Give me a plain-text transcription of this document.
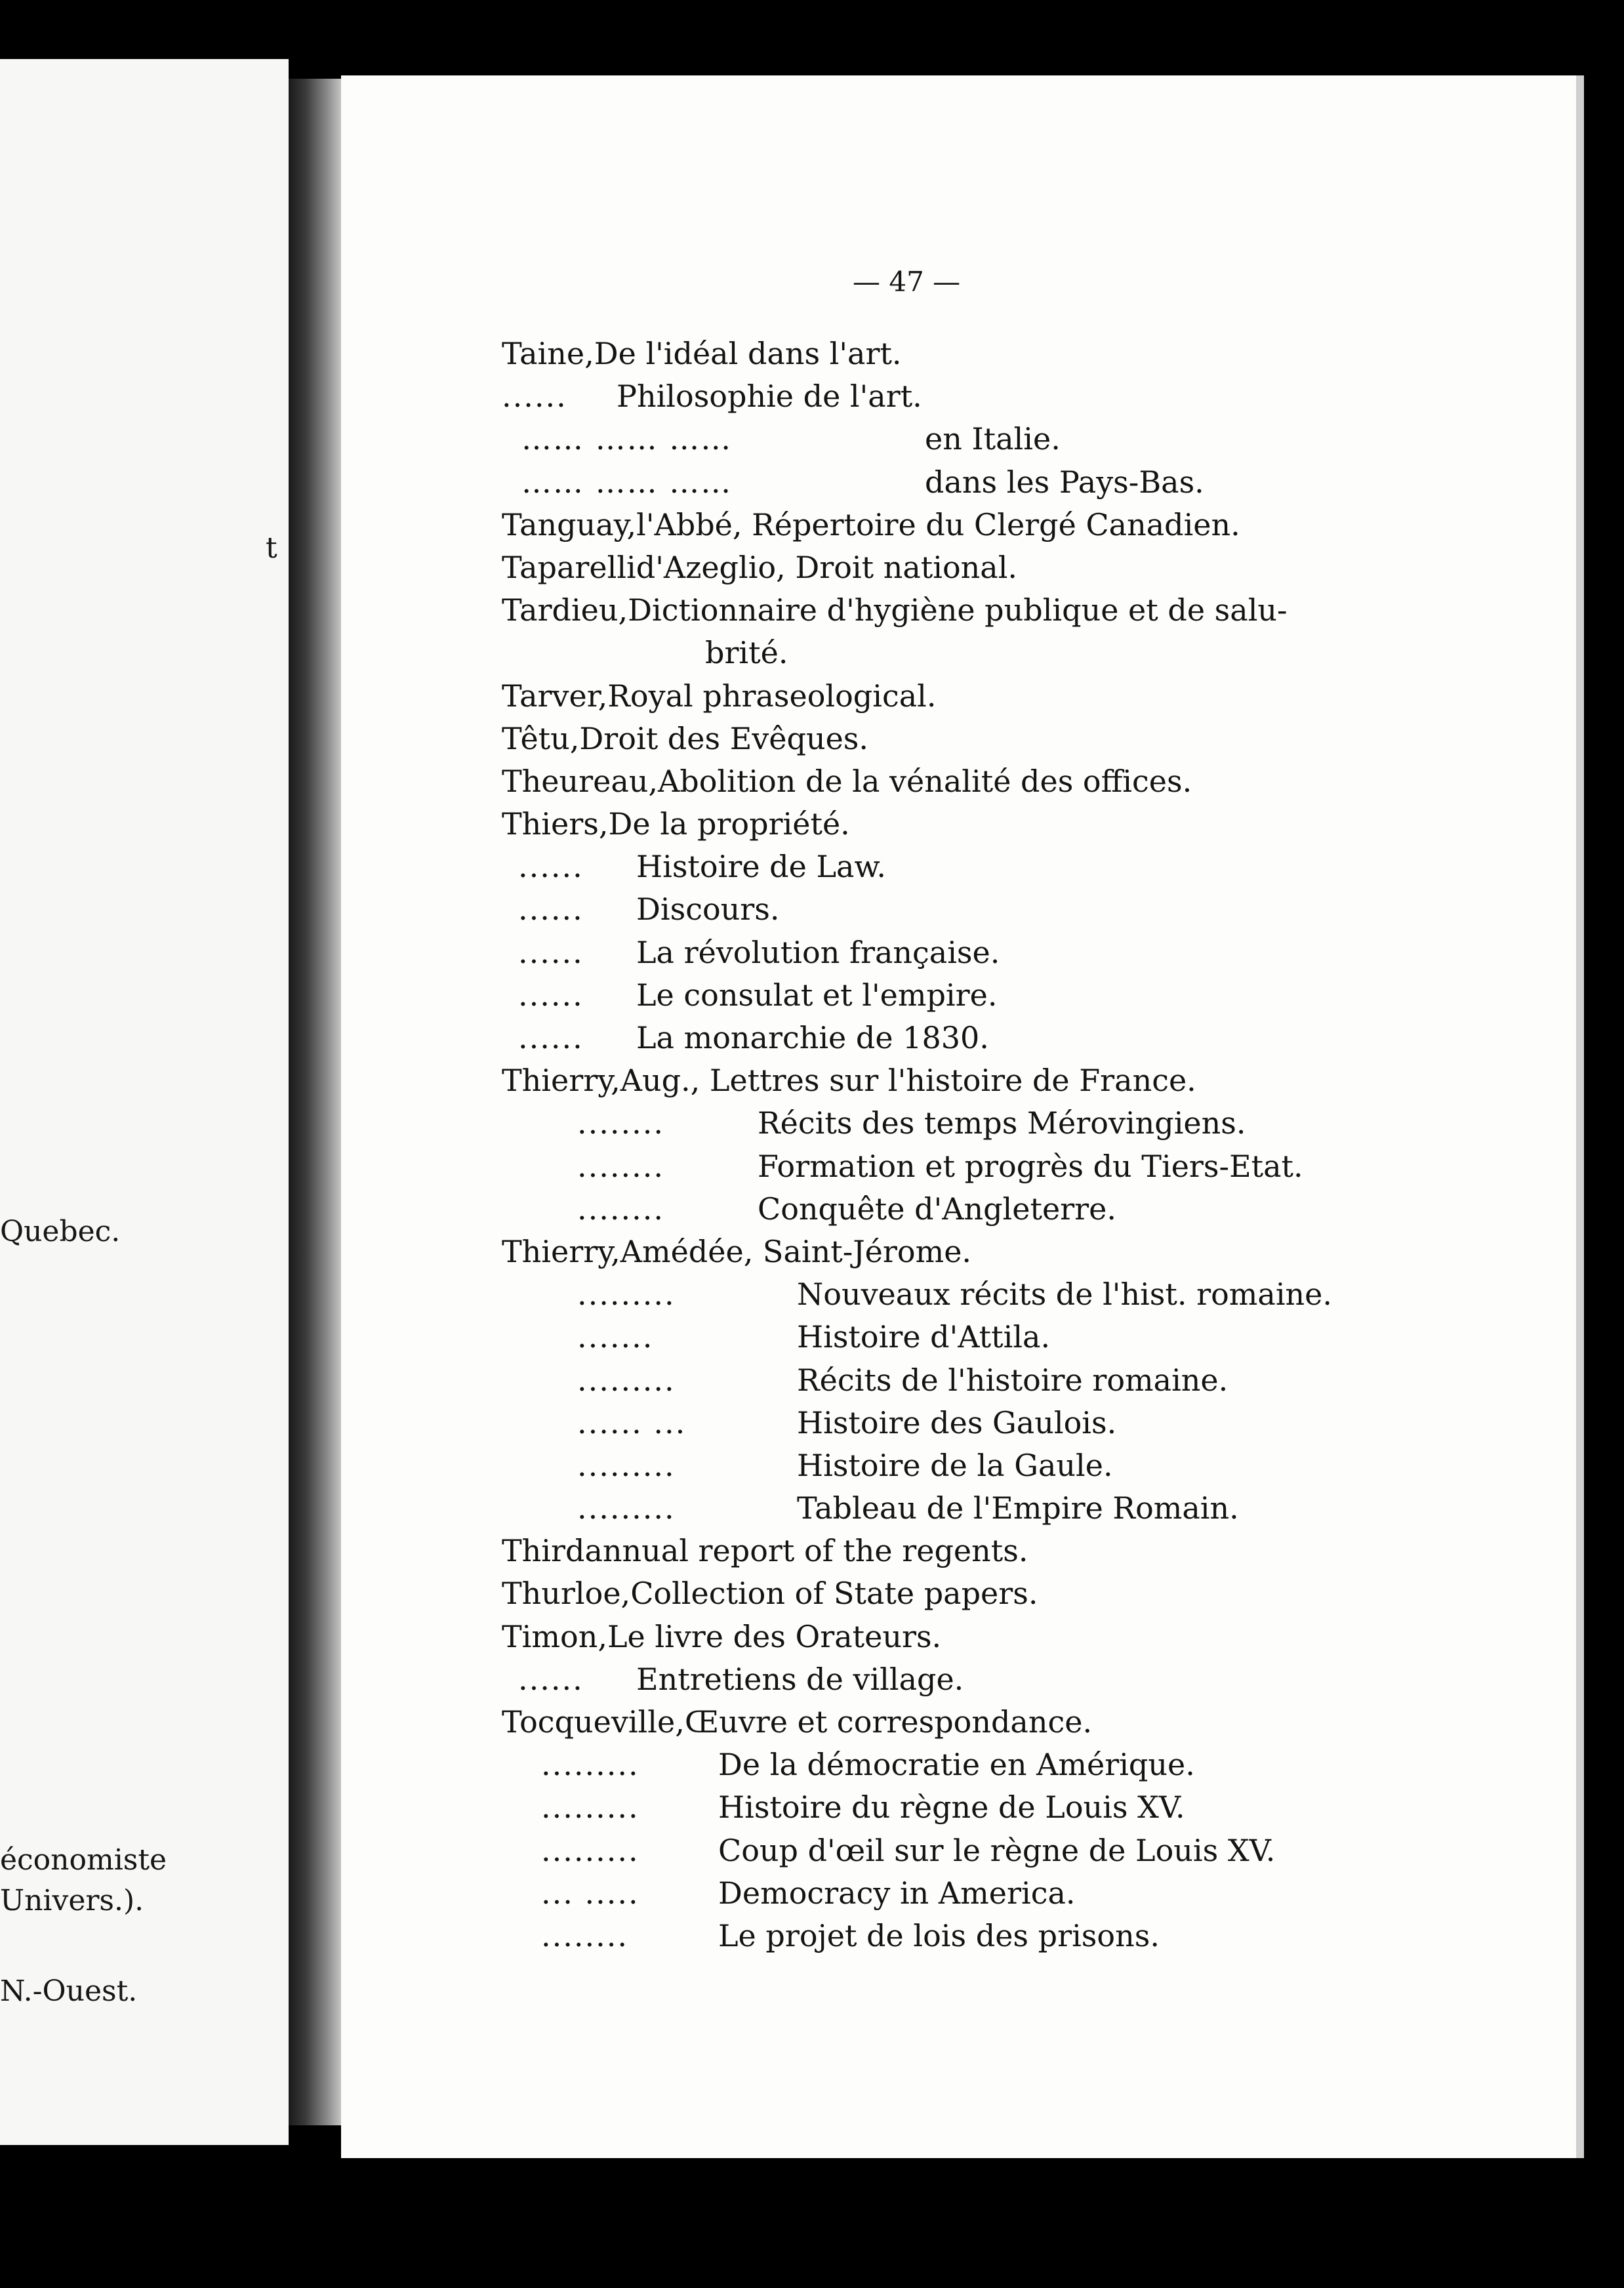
t
Quebec.
économiste
Univers.).
N.-Ouest.
— 47 —
Taine, De l'idéal dans l'art.
...... Philosophie de l'art.
…… …… ……	en Italie.
…… …… ……	dans les Pays-Bas.
Tanguay, l'Abbé, Répertoire du Clergé Canadien.
Taparelli d'Azeglio, Droit national.
Tardieu, Dictionnaire d'hygiène publique et de salu-
brité.
Tarver, Royal phraseological.
Têtu, Droit des Evêques.
Theureau, Abolition de la vénalité des offices.
Thiers, De la propriété.
...... Histoire de Law.
...... Discours.
...... La révolution française.
...... Le consulat et l'empire.
...... La monarchie de 1830.
Thierry, Aug., Lettres sur l'histoire de France.
........	Récits des temps Mérovingiens.
........	Formation et progrès du Tiers-Etat.
........	Conquête d'Angleterre.
Thierry, Amédée, Saint-Jérome.
.........	Nouveaux récits de l'hist. romaine.
.......	Histoire d'Attila.
.........	Récits de l'histoire romaine.
...... ...	Histoire des Gaulois.
.........	Histoire de la Gaule.
.........	Tableau de l'Empire Romain.
Third annual report of the regents.
Thurloe, Collection of State papers.
Timon, Le livre des Orateurs.
...... Entretiens de village.
Tocqueville, Œuvre et correspondance.
.........	De la démocratie en Amérique.
.........	Histoire du règne de Louis XV.
.........	Coup d'œil sur le règne de Louis XV.
... .....	Democracy in America.
........	Le projet de lois des prisons.
